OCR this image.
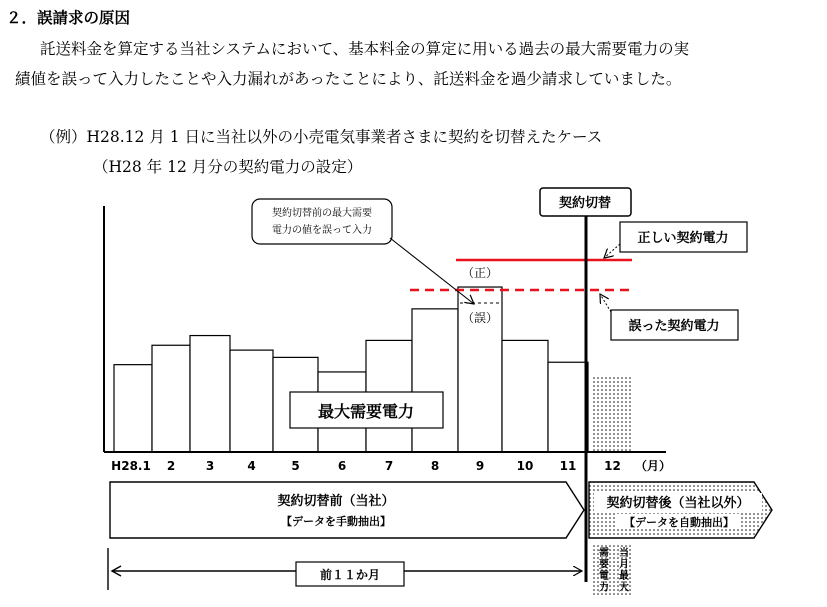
２．誤請求の原因
託送料金を算定する当社システムにおいて、基本料金の算定に用いる過去の最大需要電力の実
績値を誤って入力したことや入力漏れがあったことにより、託送料金を過少請求していました。
（例）H28.12 月 1 日に当社以外の小売電気事業者さまに契約を切替えたケース
（H28 年 12 月分の契約電力の設定）
H28.1 2	3	4	5	6	7	8	9	10 11 12 （月）
（正）
（誤）
契約切替前の最大需要
電力の値を誤って入力
契約切替
正しい契約電力
誤った契約電力
最大需要電力
契約切替前（当社）
【データを手動抽出】
契約切替後（当社以外）
【データを自動抽出】
前１１か月
当
月
最
大
需
要
電
力
